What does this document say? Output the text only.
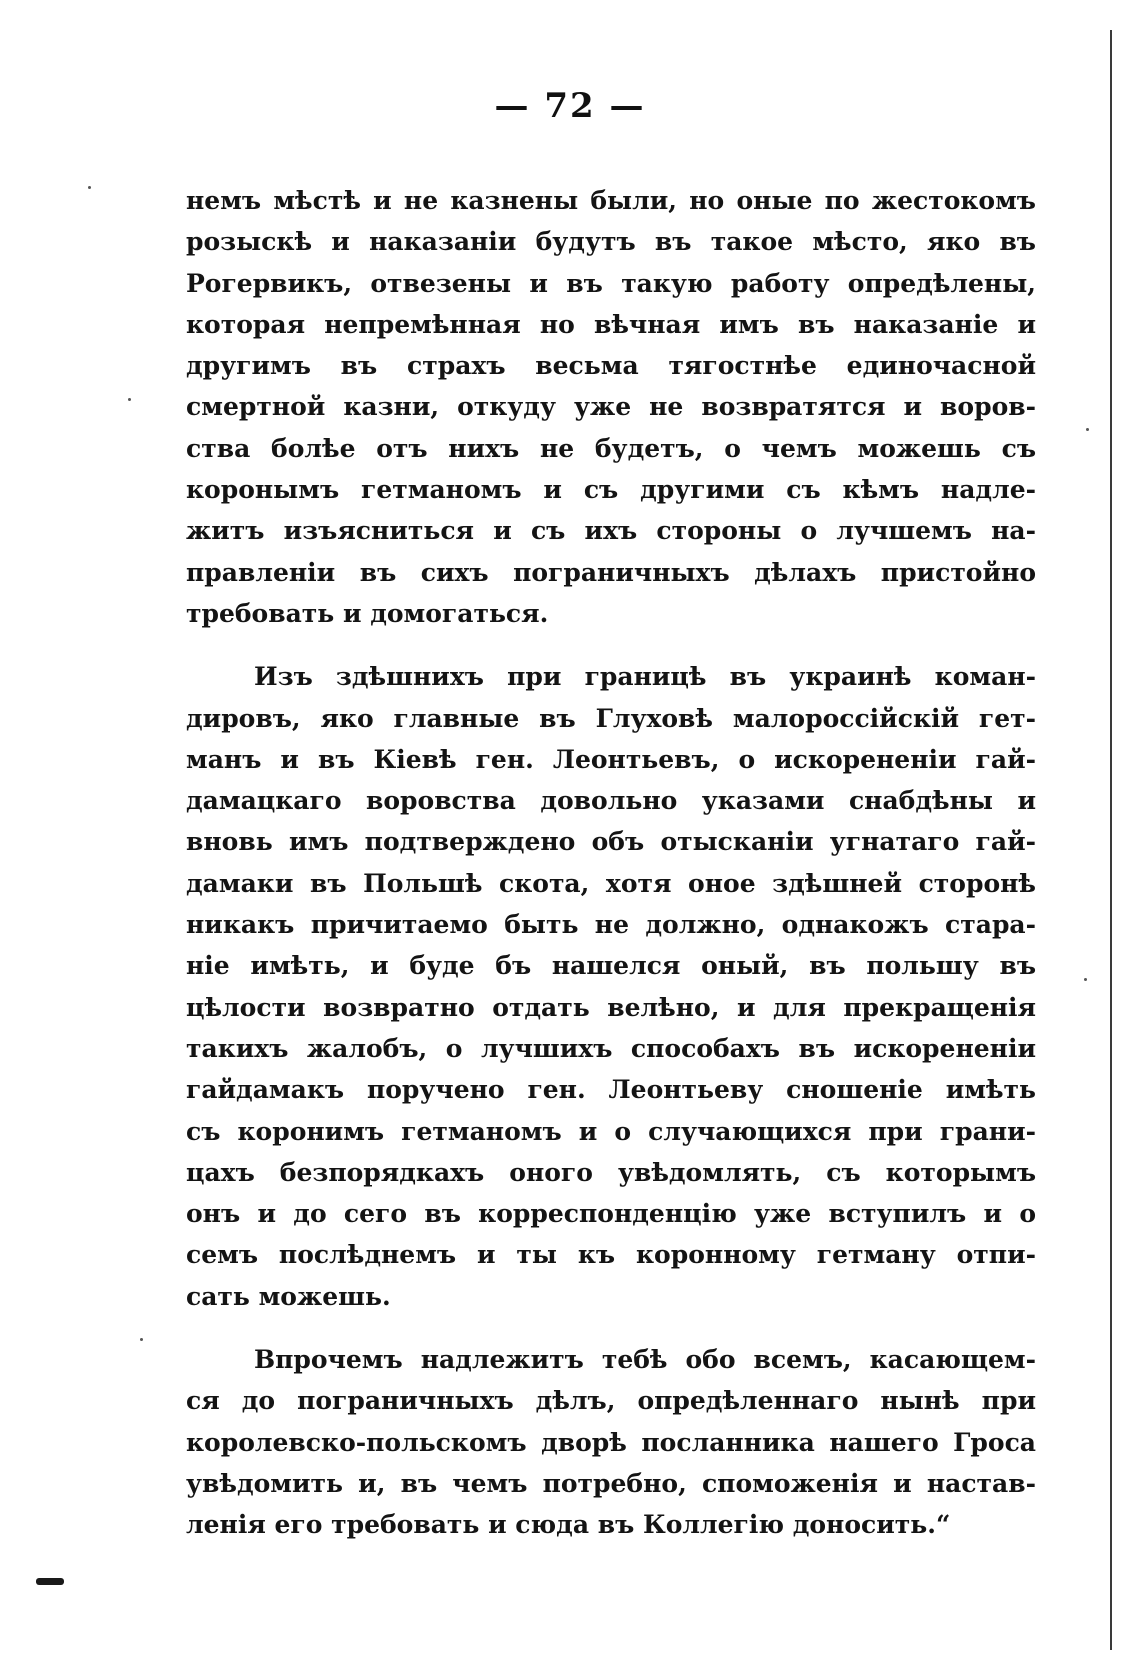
— 72 —
немъ мѣстѣ и не казнены были, но оные по жестокомъ
розыскѣ и наказаніи будутъ въ такое мѣсто, яко въ
Рогервикъ, отвезены и въ такую работу опредѣлены,
которая непремѣнная но вѣчная имъ въ наказаніе и
другимъ въ страхъ весьма тягостнѣе единочасной
смертной казни, откуду уже не возвратятся и воров-
ства болѣе отъ нихъ не будетъ, о чемъ можешь съ
коронымъ гетманомъ и съ другими съ кѣмъ надле-
житъ изъясниться и съ ихъ стороны о лучшемъ на-
правленіи въ сихъ пограничныхъ дѣлахъ пристойно
требовать и домогаться.
Изъ здѣшнихъ при границѣ въ украинѣ коман-
дировъ, яко главные въ Глуховѣ малороссійскій гет-
манъ и въ Кіевѣ ген. Леонтьевъ, о искорененіи гай-
дамацкаго воровства довольно указами снабдѣны и
вновь имъ подтверждено объ отысканіи угнатаго гай-
дамаки въ Польшѣ скота, хотя оное здѣшней сторонѣ
никакъ причитаемо быть не должно, однакожъ стара-
ніе имѣть, и буде бъ нашелся оный, въ польшу въ
цѣлости возвратно отдать велѣно, и для прекращенія
такихъ жалобъ, о лучшихъ способахъ въ искорененіи
гайдамакъ поручено ген. Леонтьеву сношеніе имѣть
съ коронимъ гетманомъ и о случающихся при грани-
цахъ безпорядкахъ оного увѣдомлять, съ которымъ
онъ и до сего въ корреспонденцію уже вступилъ и о
семъ послѣднемъ и ты къ коронному гетману отпи-
сать можешь.
Впрочемъ надлежитъ тебѣ обо всемъ, касающем-
ся до пограничныхъ дѣлъ, опредѣленнаго нынѣ при
королевско-польскомъ дворѣ посланника нашего Гроса
увѣдомить и, въ чемъ потребно, споможенія и настав-
ленія его требовать и сюда въ Коллегію доносить.“
